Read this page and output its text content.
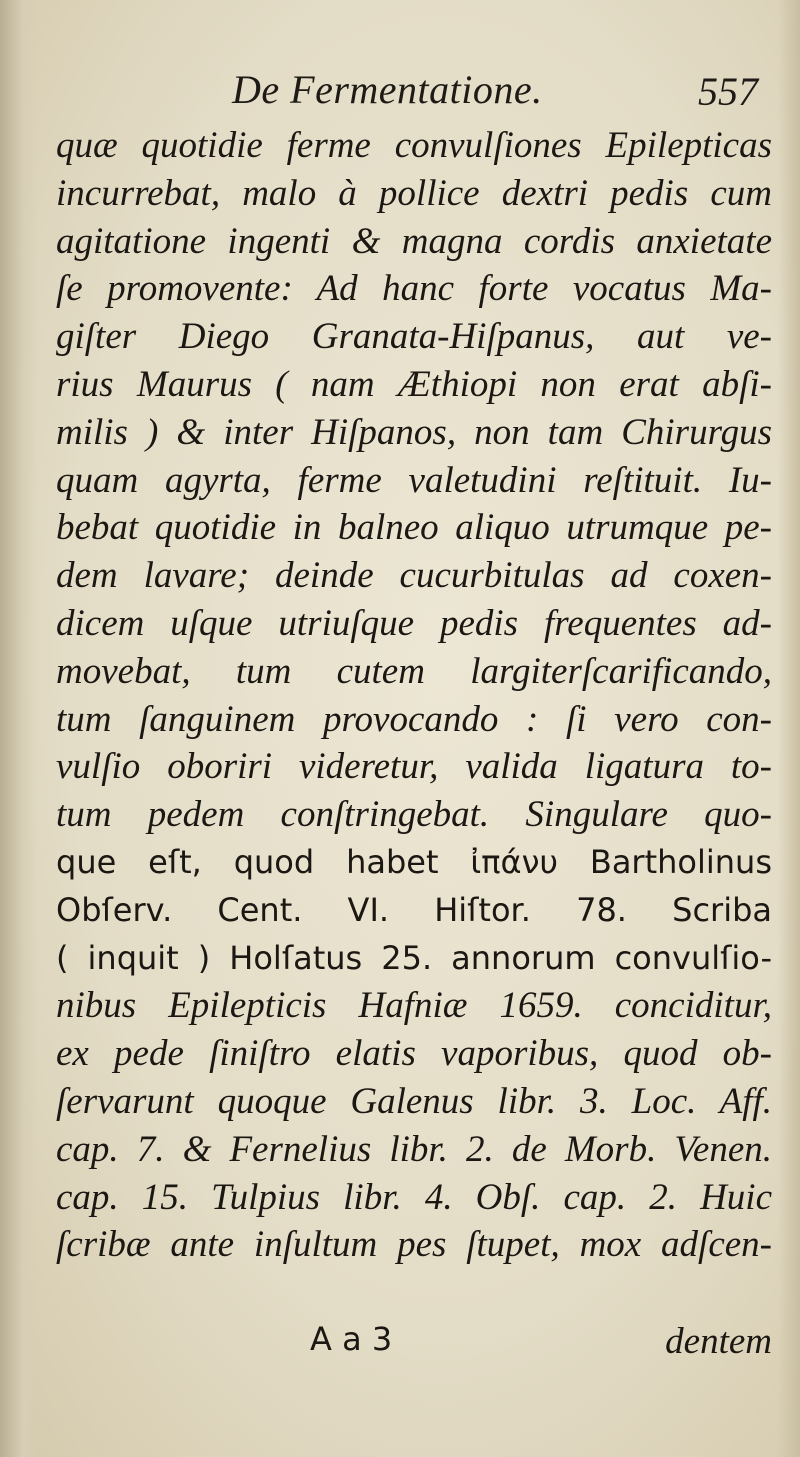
De Fermentatione.	557
quæ quotidie ferme convulſiones Epilepticas
incurrebat, malo à pollice dextri pedis cum
agitatione ingenti & magna cordis anxietate
ſe promovente: Ad hanc forte vocatus Ma-
giſter Diego Granata-Hiſpanus, aut ve-
rius Maurus ( nam Æthiopi non erat abſi-
milis ) & inter Hiſpanos, non tam Chirurgus
quam agyrta, ferme valetudini reſtituit. Iu-
bebat quotidie in balneo aliquo utrumque pe-
dem lavare; deinde cucurbitulas ad coxen-
dicem uſque utriuſque pedis frequentes ad-
movebat, tum cutem largiterſcarificando,
tum ſanguinem provocando : ſi vero con-
vulſio oboriri videretur, valida ligatura to-
tum pedem conſtringebat. Singulare quo-
que eſt, quod habet ἰπάνυ Bartholinus
Obſerv. Cent. VI. Hiſtor. 78. Scriba
( inquit ) Holſatus 25. annorum convulſio-
nibus Epilepticis Hafniæ 1659. conciditur,
ex pede ſiniſtro elatis vaporibus, quod ob-
ſervarunt quoque Galenus libr. 3. Loc. Aff.
cap. 7. & Fernelius libr. 2. de Morb. Venen.
cap. 15. Tulpius libr. 4. Obſ. cap. 2. Huic
ſcribæ ante inſultum pes ſtupet, mox adſcen-
A a 3	dentem
